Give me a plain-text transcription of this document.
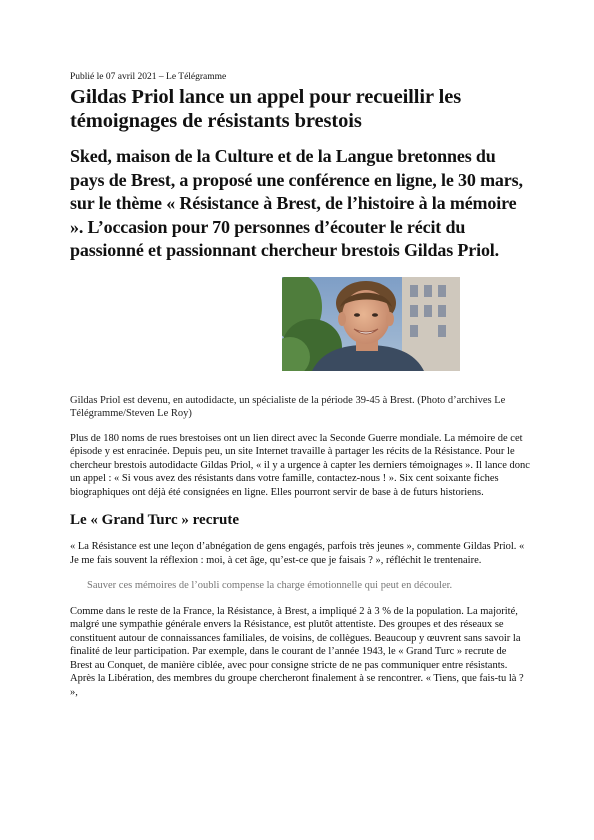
Publié le 07 avril 2021 – Le Télégramme

Gildas Priol lance un appel pour recueillir les témoignages de résistants brestois

Sked, maison de la Culture et de la Langue bretonnes du pays de Brest, a proposé une conférence en ligne, le 30 mars, sur le thème « Résistance à Brest, de l’histoire à la mémoire ». L’occasion pour 70 personnes d’écouter le récit du passionné et passionnant chercheur brestois Gildas Priol.

Gildas Priol est devenu, en autodidacte, un spécialiste de la période 39-45 à Brest. (Photo d’archives Le Télégramme/Steven Le Roy)

Plus de 180 noms de rues brestoises ont un lien direct avec la Seconde Guerre mondiale. La mémoire de cet épisode y est enracinée. Depuis peu, un site Internet travaille à partager les récits de la Résistance. Pour le chercheur brestois autodidacte Gildas Priol, « il y a urgence à capter les derniers témoignages ». Il lance donc un appel : « Si vous avez des résistants dans votre famille, contactez-nous ! ». Six cent soixante fiches biographiques ont déjà été consignées en ligne. Elles pourront servir de base à de futurs historiens.

Le « Grand Turc » recrute

« La Résistance est une leçon d’abnégation de gens engagés, parfois très jeunes », commente Gildas Priol. « Je me fais souvent la réflexion : moi, à cet âge, qu’est-ce que je faisais ? », réfléchit le trentenaire.

Sauver ces mémoires de l’oubli compense la charge émotionnelle qui peut en découler.

Comme dans le reste de la France, la Résistance, à Brest, a impliqué 2 à 3 % de la population. La majorité, malgré une sympathie générale envers la Résistance, est plutôt attentiste. Des groupes et des réseaux se constituent autour de connaissances familiales, de voisins, de collègues. Beaucoup y œuvrent sans savoir la finalité de leur participation. Par exemple, dans le courant de l’année 1943, le « Grand Turc » recrute de Brest au Conquet, de manière ciblée, avec pour consigne stricte de ne pas communiquer entre résistants. Après la Libération, des membres du groupe chercheront finalement à se rencontrer. « Tiens, que fais-tu là ? »,
